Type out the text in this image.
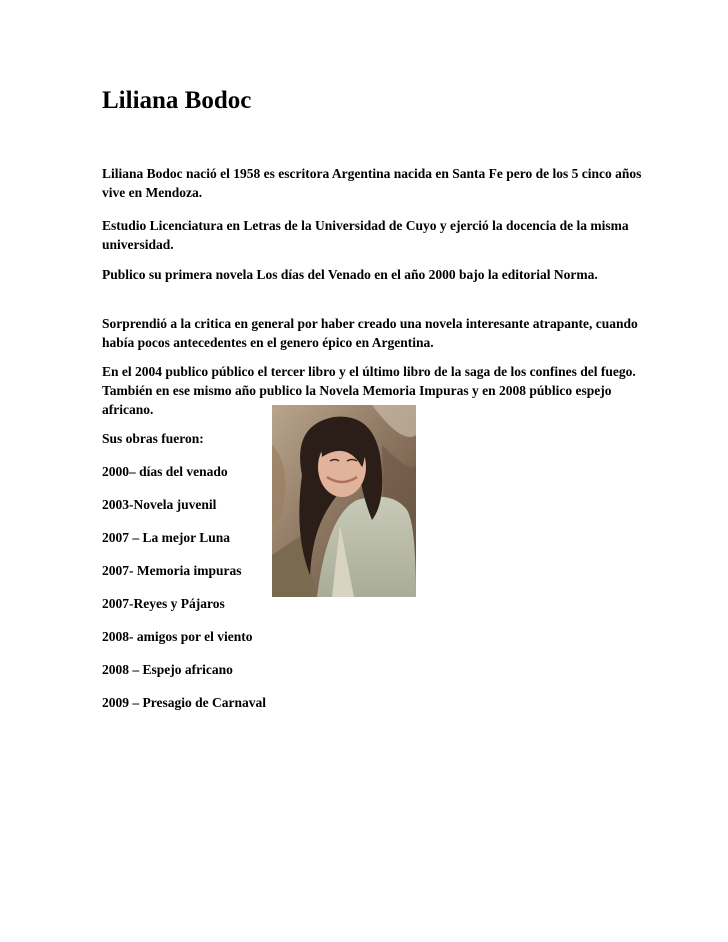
Liliana Bodoc
Liliana Bodoc nació el 1958 es escritora Argentina nacida en Santa Fe pero de los 5 cinco años vive en Mendoza.
Estudio Licenciatura en Letras de la Universidad de Cuyo y ejerció la docencia de la misma universidad.
Publico su primera novela Los días del Venado en el año 2000 bajo la editorial Norma.
Sorprendió a la critica en general por haber creado una novela interesante atrapante, cuando había pocos antecedentes en el genero épico en Argentina.
En el 2004 publico público el tercer libro y el último libro de la saga de los confines del fuego. También en ese mismo año publico la Novela Memoria Impuras y en 2008 público espejo africano.
Sus obras fueron:
2000– días del venado
2003-Novela juvenil
2007 – La mejor Luna
2007- Memoria impuras
2007-Reyes y Pájaros
2008- amigos por el viento
2008 – Espejo africano
2009 – Presagio de Carnaval
